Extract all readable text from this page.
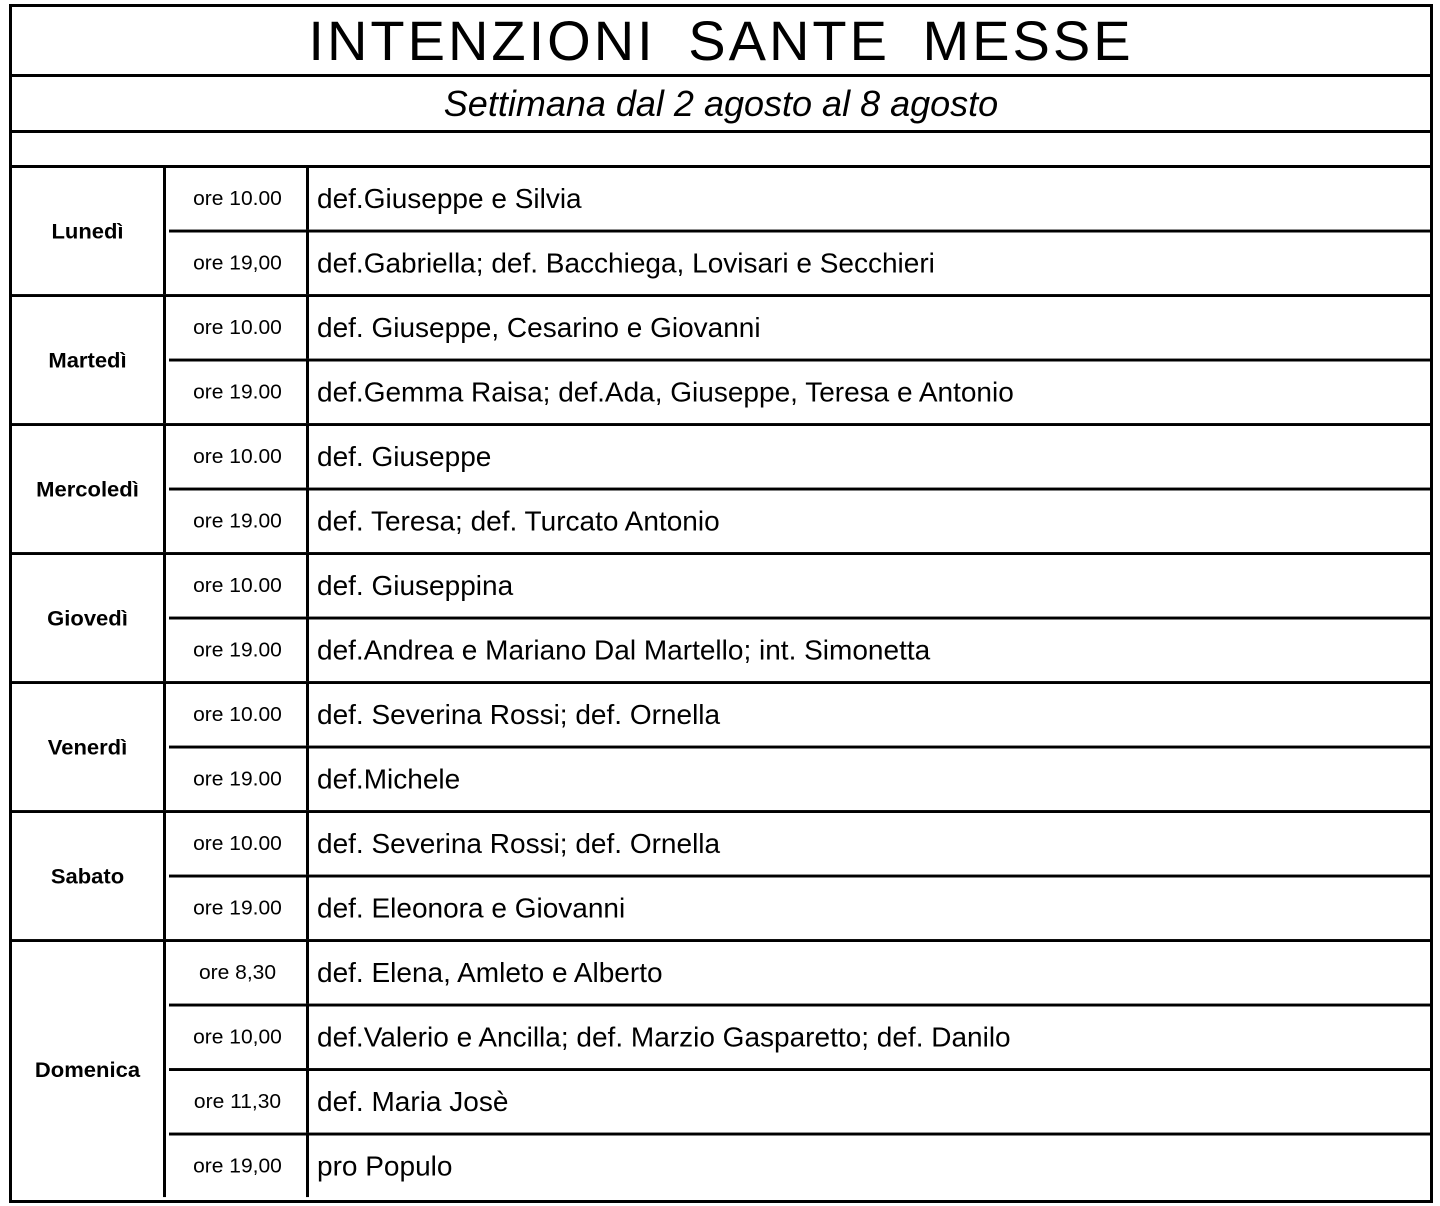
INTENZIONI SANTE MESSE
Settimana dal 2 agosto al 8 agosto
Lunedì
ore 10.00	def.Giuseppe e Silvia
ore 19,00	def.Gabriella; def. Bacchiega, Lovisari e Secchieri
Martedì
ore 10.00	def. Giuseppe, Cesarino e Giovanni
ore 19.00	def.Gemma Raisa; def.Ada, Giuseppe, Teresa e Antonio
Mercoledì
ore 10.00	def. Giuseppe
ore 19.00	def. Teresa; def. Turcato Antonio
Giovedì
ore 10.00	def. Giuseppina
ore 19.00	def.Andrea e Mariano Dal Martello; int. Simonetta
Venerdì
ore 10.00	def. Severina Rossi; def. Ornella
ore 19.00	def.Michele
Sabato
ore 10.00	def. Severina Rossi; def. Ornella
ore 19.00	def. Eleonora e Giovanni
Domenica
ore 8,30	def. Elena, Amleto e Alberto
ore 10,00	def.Valerio e Ancilla; def. Marzio Gasparetto; def. Danilo
ore 11,30	def. Maria Josè
ore 19,00	pro Populo
